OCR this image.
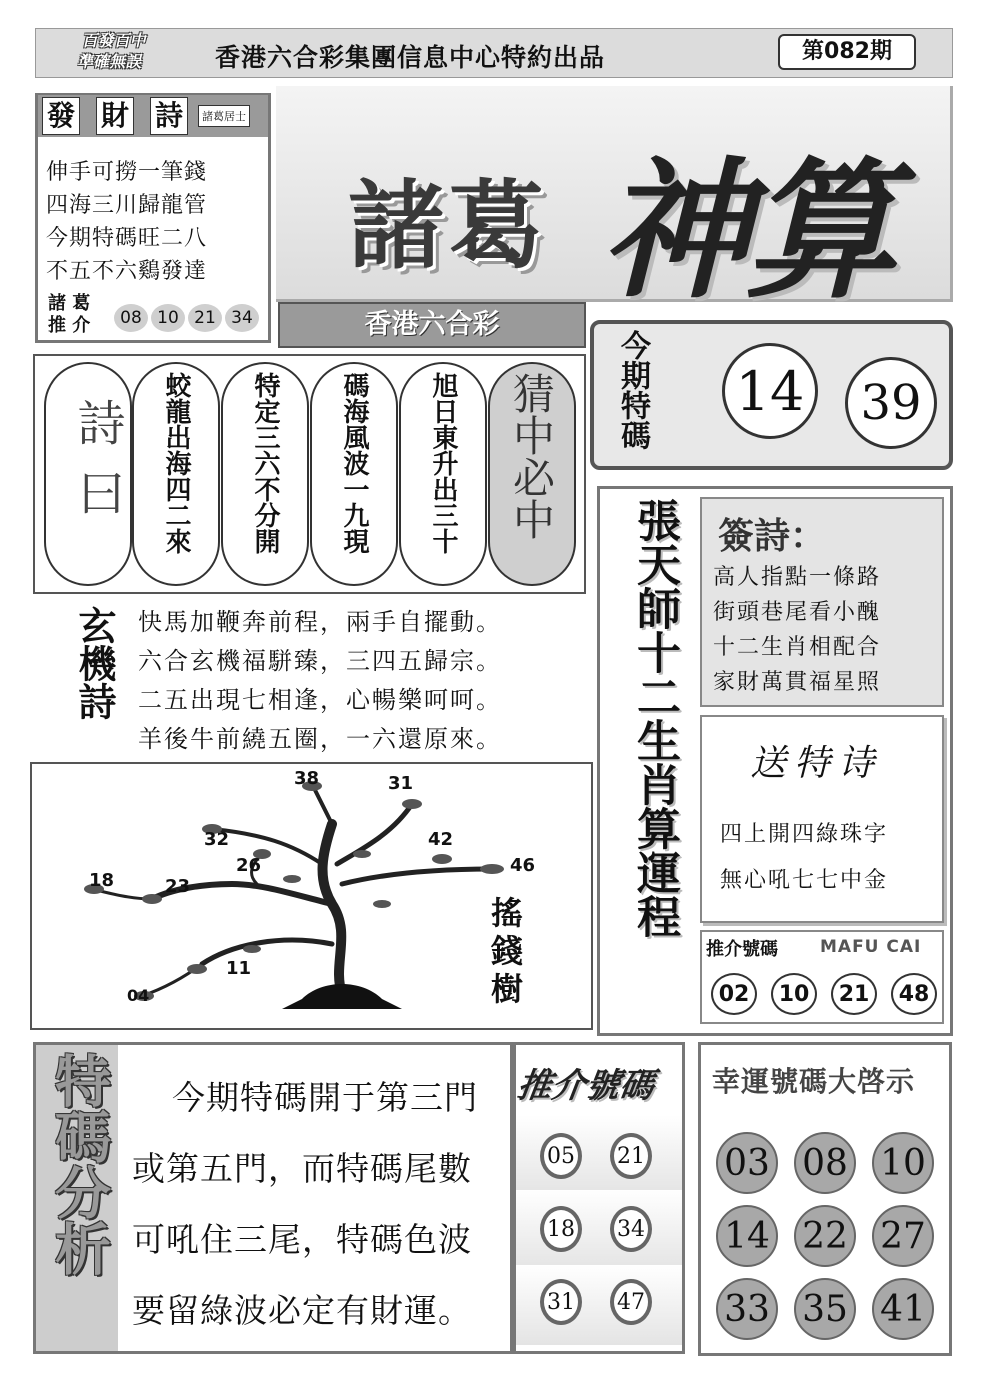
百發百中
準確無誤	香港六合彩集團信息中心特約出品	第082期
發 財 詩	諸葛居士
伸手可撈一筆錢
四海三川歸龍管
今期特碼旺二八
不五不六鷄發達
諸 葛
推 介	08 10 21 34
諸葛 神算
香港六合彩
今期特碼 14	39
詩曰 蛟龍出海四二來 特定三六不分開 碼海風波一九現 旭日東升出三十 猜中必中
玄機詩 快馬加鞭奔前程，兩手自擺動。
六合玄機福駢臻，三四五歸宗。
二五出現七相逢，心暢樂呵呵。
羊後牛前繞五圈，一六還原來。
38	31
32	42
26	46
18	23
11
04	搖錢樹
張天師十二生肖算運程 簽詩：
高人指點一條路
街頭巷尾看小醜
十二生肖相配合
家財萬貫福星照
送特诗
四上開四綠珠字
無心吼七七中金
推介號碼 MAFU CAI
02	10	21	48
特碼分析	今期特碼開于第三門
或第五門，而特碼尾數
可吼住三尾，特碼色波
要留綠波必定有財運。
推介號碼
05	21
18	34
31	47
幸運號碼大啓示
03 08 10
14 22 27
33 35 41
